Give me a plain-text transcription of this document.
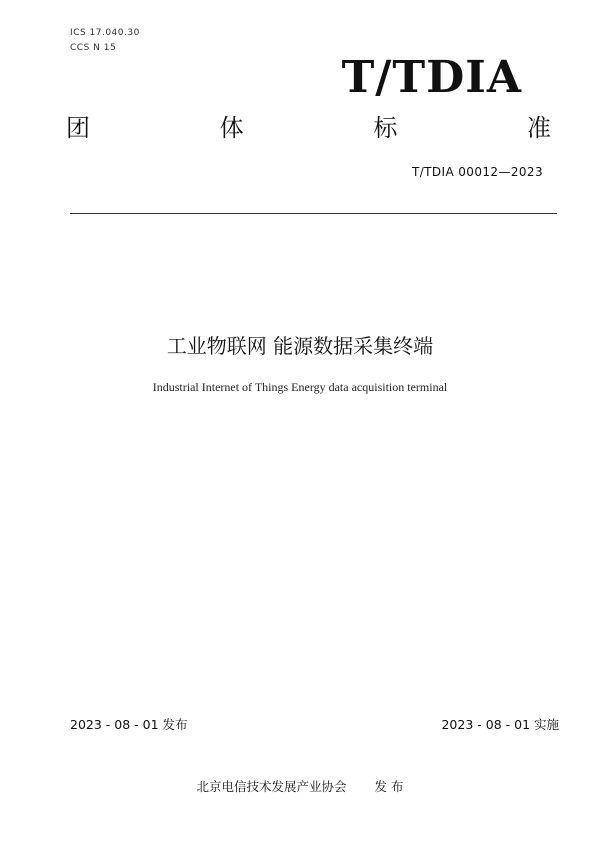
ICS 17.040.30
CCS N 15
T/TDIA
团	体	标	准
T/TDIA 00012—2023
工业物联网 能源数据采集终端
Industrial Internet of Things Energy data acquisition terminal
2023 - 08 - 01 发布	2023 - 08 - 01 实施
北京电信技术发展产业协会 发 布
